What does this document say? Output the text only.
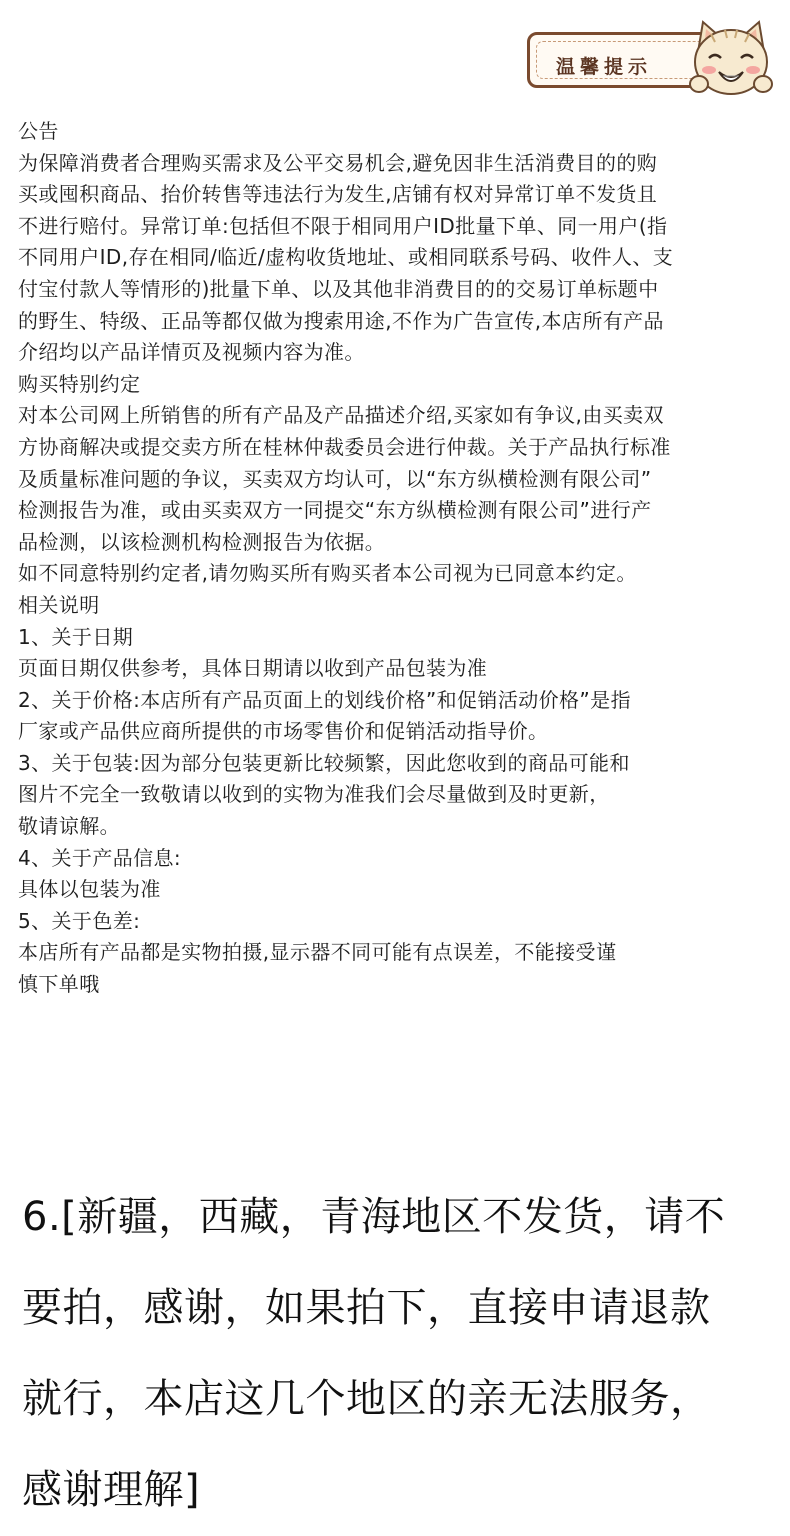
温馨提示

公告

为保障消费者合理购买需求及公平交易机会,避免因非生活消费目的的购

买或囤积商品、抬价转售等违法行为发生,店铺有权对异常订单不发货且

不进行赔付。异常订单:包括但不限于相同用户ID批量下单、同一用户(指

不同用户ID,存在相同/临近/虚构收货地址、或相同联系号码、收件人、支

付宝付款人等情形的)批量下单、以及其他非消费目的的交易订单标题中

的野生、特级、正品等都仅做为搜索用途,不作为广告宣传,本店所有产品

介绍均以产品详情页及视频内容为准。

购买特别约定

对本公司网上所销售的所有产品及产品描述介绍,买家如有争议,由买卖双

方协商解决或提交卖方所在桂林仲裁委员会进行仲裁。关于产品执行标准

及质量标准问题的争议，买卖双方均认可，以“东方纵横检测有限公司”

检测报告为准，或由买卖双方一同提交“东方纵横检测有限公司”进行产

品检测，以该检测机构检测报告为依据。

如不同意特别约定者,请勿购买所有购买者本公司视为已同意本约定。

相关说明

1、关于日期

页面日期仅供参考，具体日期请以收到产品包装为准

2、关于价格:本店所有产品页面上的划线价格”和促销活动价格”是指

厂家或产品供应商所提供的市场零售价和促销活动指导价。

3、关于包装:因为部分包装更新比较频繁，因此您收到的商品可能和

图片不完全一致敬请以收到的实物为准我们会尽量做到及时更新，

敬请谅解。

4、关于产品信息:

具体以包装为准

5、关于色差:

本店所有产品都是实物拍摄,显示器不同可能有点误差，不能接受谨

慎下单哦

6.[新疆，西藏，青海地区不发货，请不

要拍，感谢，如果拍下，直接申请退款

就行，本店这几个地区的亲无法服务，

感谢理解]
